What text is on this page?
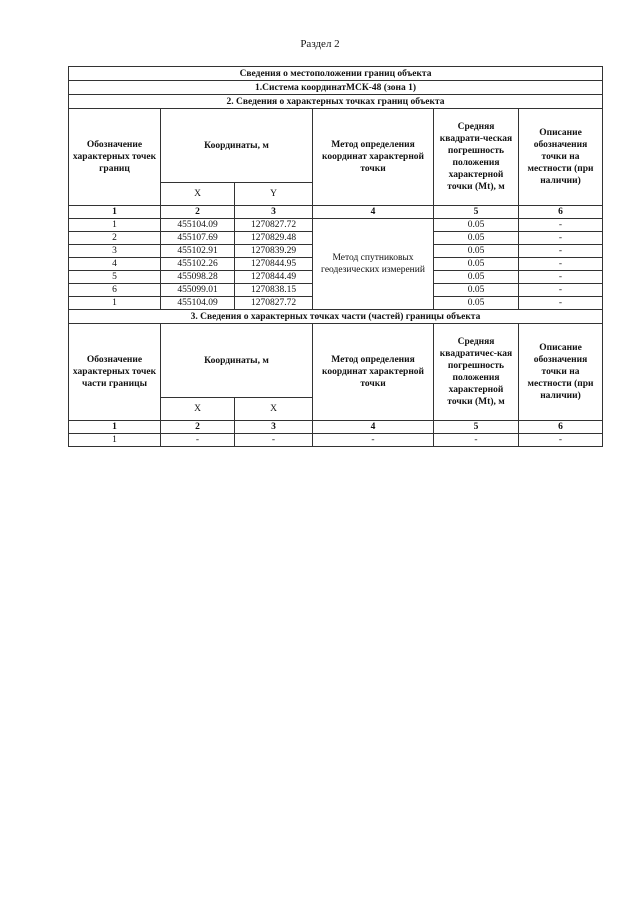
Раздел 2
Сведения о местоположении границ объекта					
1.Система координатМСК-48 (зона 1)					
2. Сведения о характерных точках границ объекта					
Обозначение характерных точек границ	Координаты, м		Метод определения координат характерной точки	Средняя квадрати-ческая погрешность положения характерной точки (Mt), м	Описание обозначения точки на местности (при наличии)
	X	Y			
1	2	3	4	5	6
1	455104.09	1270827.72	Метод спутниковых геодезических измерений	0.05	-
2	455107.69	1270829.48		0.05	-
3	455102.91	1270839.29		0.05	-
4	455102.26	1270844.95		0.05	-
5	455098.28	1270844.49		0.05	-
6	455099.01	1270838.15		0.05	-
1	455104.09	1270827.72		0.05	-
3. Сведения о характерных точках части (частей) границы объекта					
Обозначение характерных точек части границы	Координаты, м		Метод определения координат характерной точки	Средняя квадратичес-кая погрешность положения характерной точки (Mt), м	Описание обозначения точки на местности (при наличии)
	X	X			
1	2	3	4	5	6
1	-	-	-	-	-
